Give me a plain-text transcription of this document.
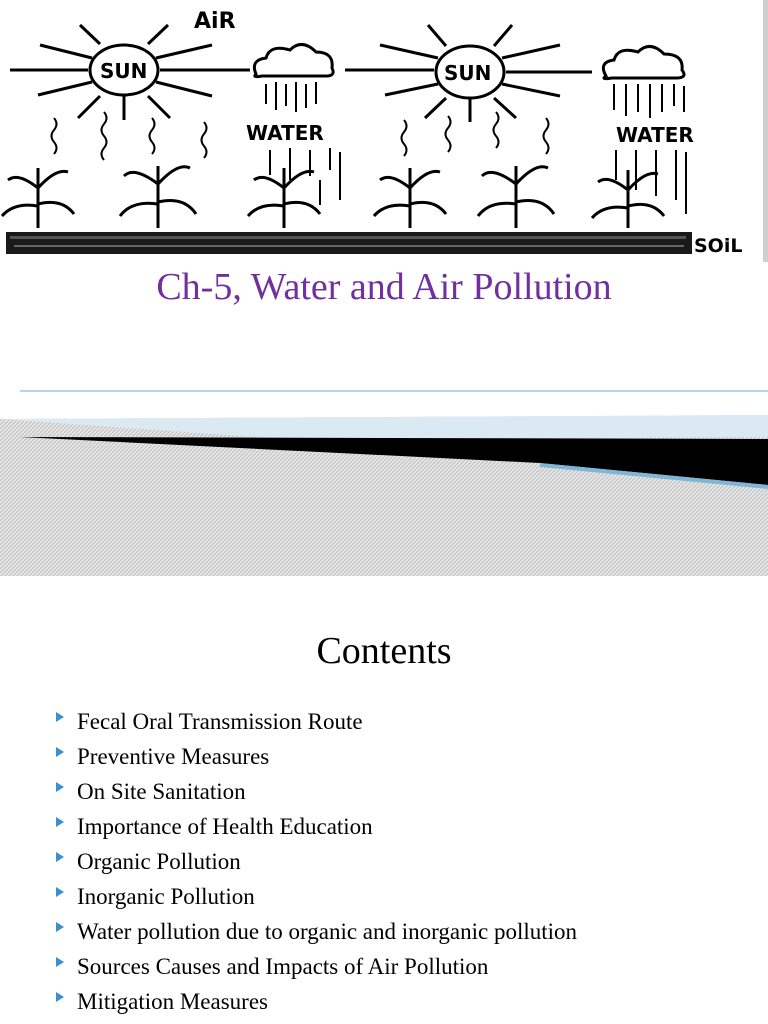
AiR
SUN	SUN
WATER	WATER
SOiL
Ch-5, Water and Air Pollution
Contents
Fecal Oral Transmission Route
Preventive Measures
On Site Sanitation
Importance of Health Education
Organic Pollution
Inorganic Pollution
Water pollution due to organic and inorganic pollution
Sources Causes and Impacts of Air Pollution
Mitigation Measures
